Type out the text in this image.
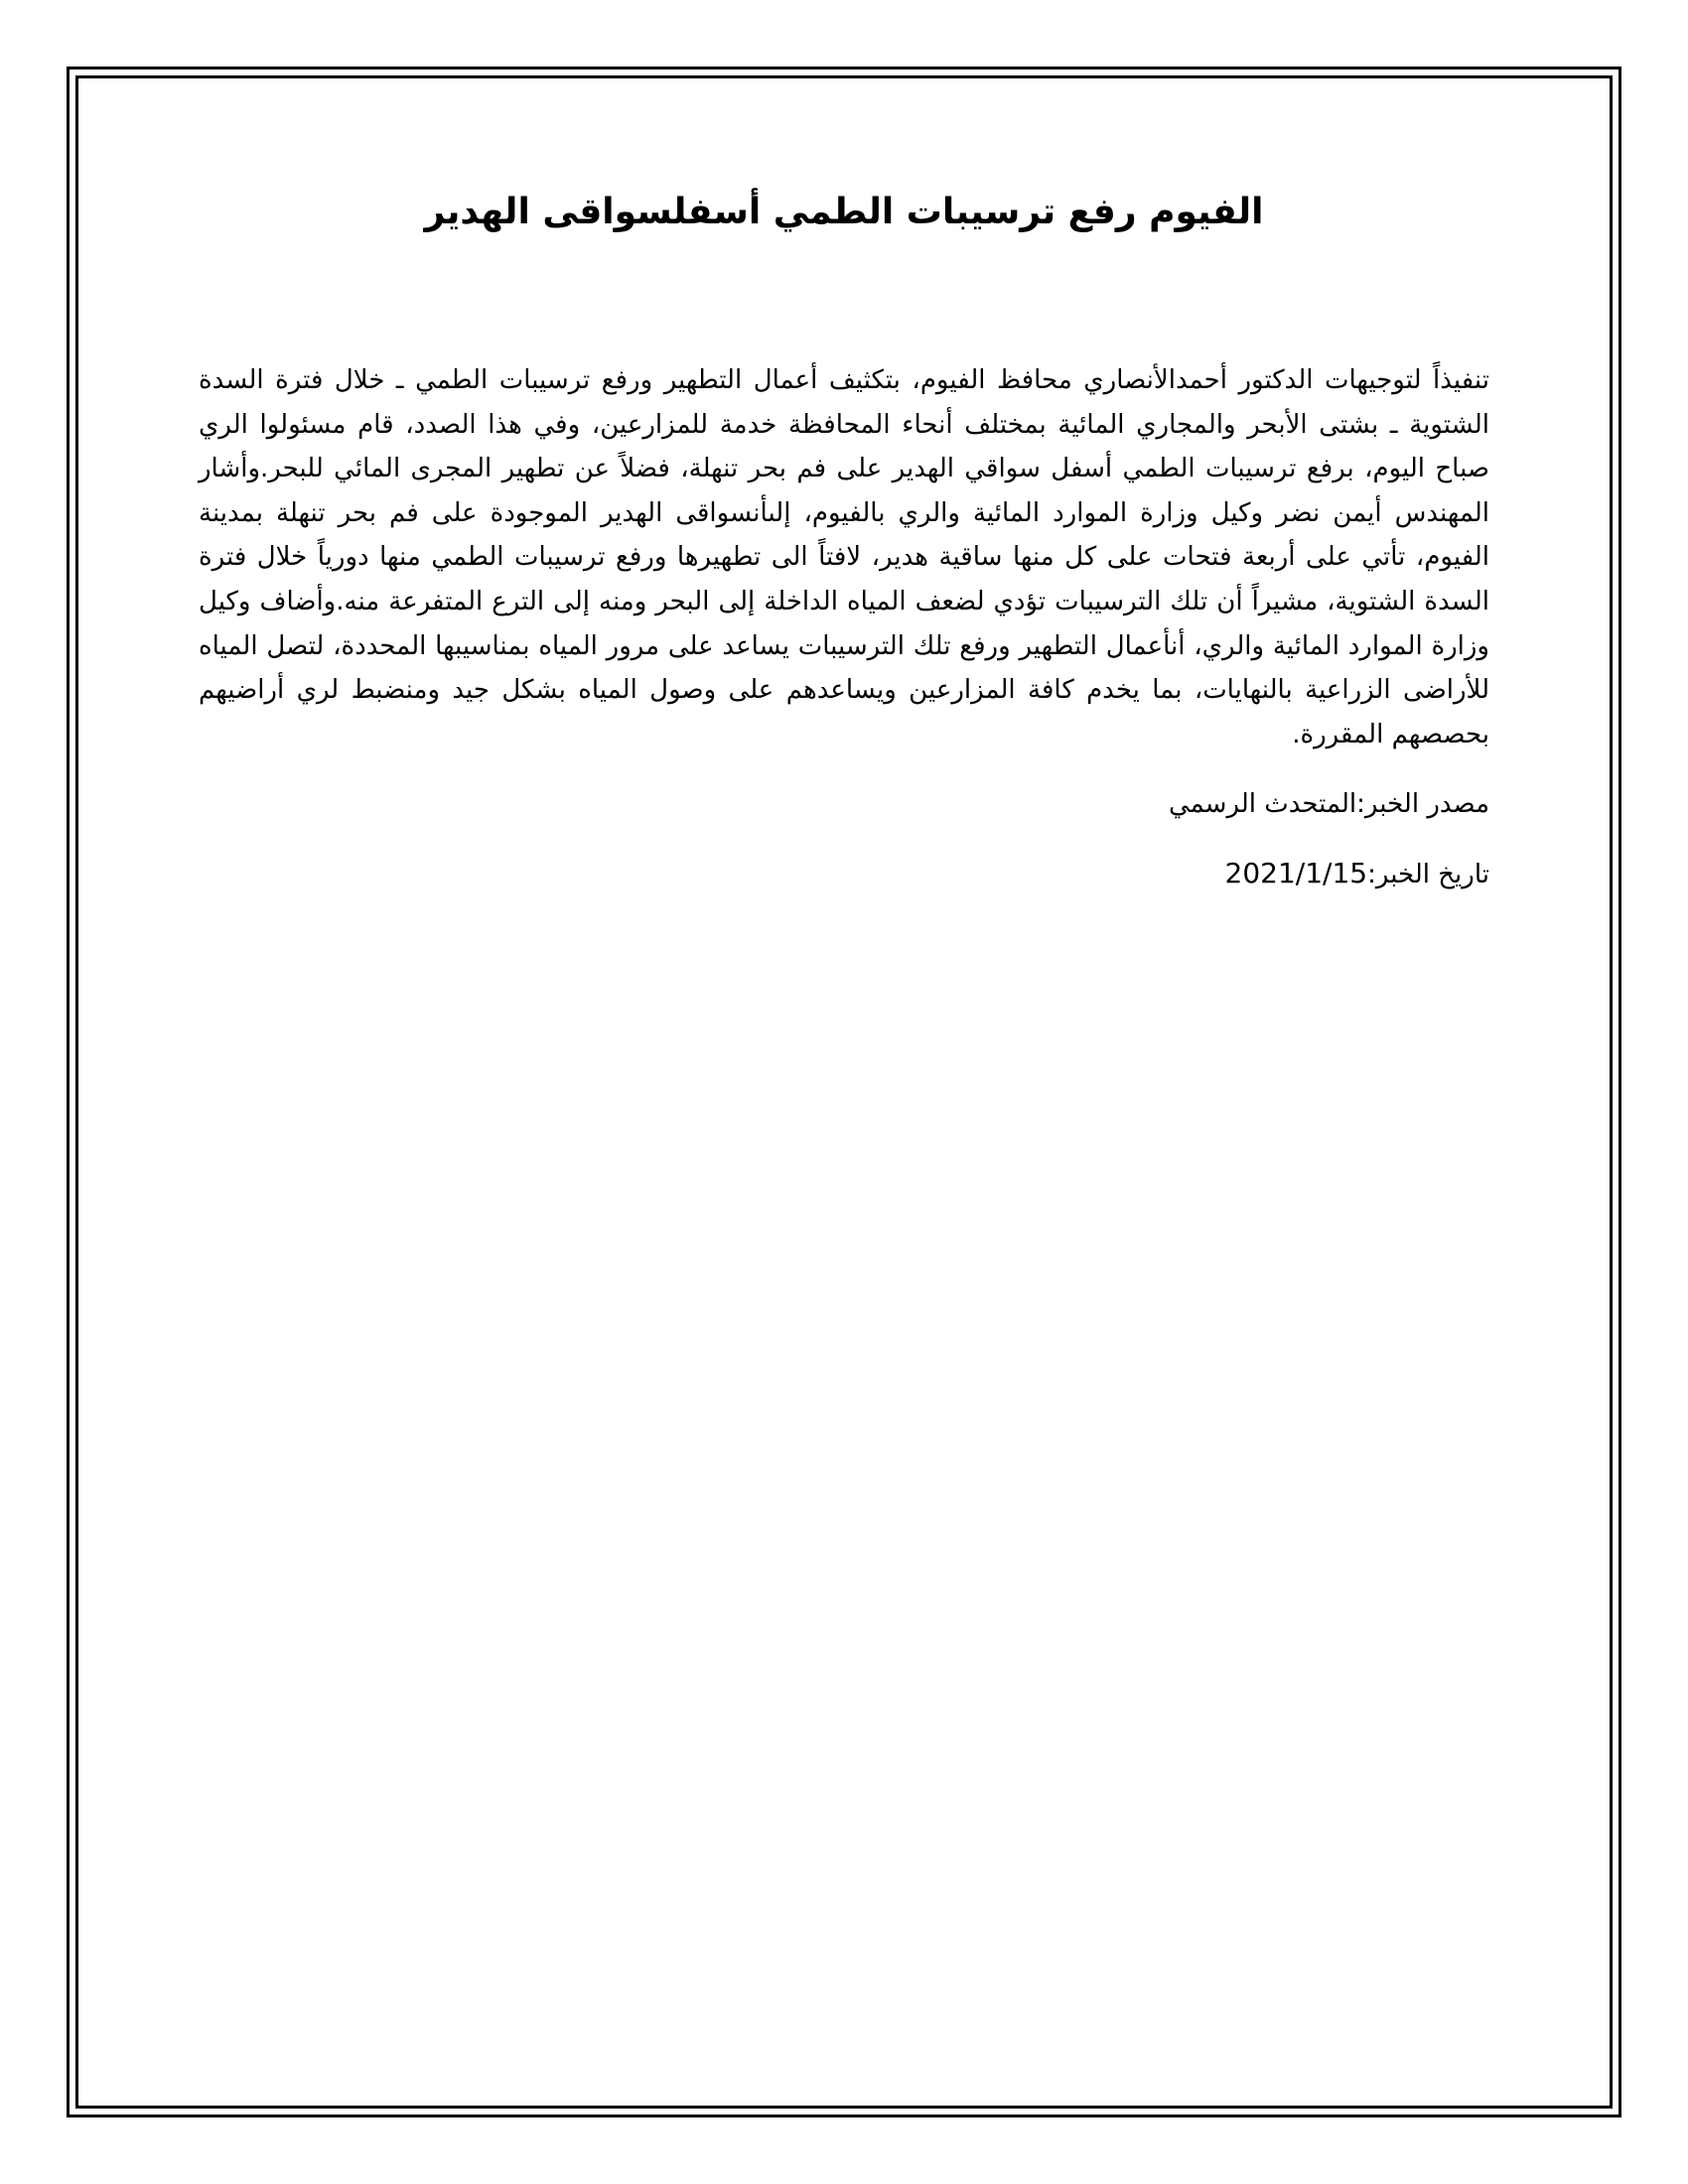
الفيوم رفع ترسيبات الطمي أسفلسواقى الهدير

تنفيذاً لتوجيهات الدكتور أحمدالأنصاري محافظ الفيوم، بتكثيف أعمال التطهير ورفع ترسيبات الطمي ـ خلال فترة السدة الشتوية ـ بشتى الأبحر والمجاري المائية بمختلف أنحاء المحافظة خدمة للمزارعين، وفي هذا الصدد، قام مسئولوا الري صباح اليوم، برفع ترسيبات الطمي أسفل سواقي الهدير على فم بحر تنهلة، فضلاً عن تطهير المجرى المائي للبحر.وأشار المهندس أيمن نضر وكيل وزارة الموارد المائية والري بالفيوم، إلىأنسواقى الهدير الموجودة على فم بحر تنهلة بمدينة الفيوم، تأتي على أربعة فتحات على كل منها ساقية هدير، لافتاً الى تطهيرها ورفع ترسيبات الطمي منها دورياً خلال فترة السدة الشتوية، مشيراً أن تلك الترسيبات تؤدي لضعف المياه الداخلة إلى البحر ومنه إلى الترع المتفرعة منه.وأضاف وكيل وزارة الموارد المائية والري، أنأعمال التطهير ورفع تلك الترسيبات يساعد على مرور المياه بمناسيبها المحددة، لتصل المياه للأراضى الزراعية بالنهايات، بما يخدم كافة المزارعين ويساعدهم على وصول المياه بشكل جيد ومنضبط لري أراضيهم بحصصهم المقررة.

مصدر الخبر:المتحدث الرسمي
تاريخ الخبر:2021/1/15
